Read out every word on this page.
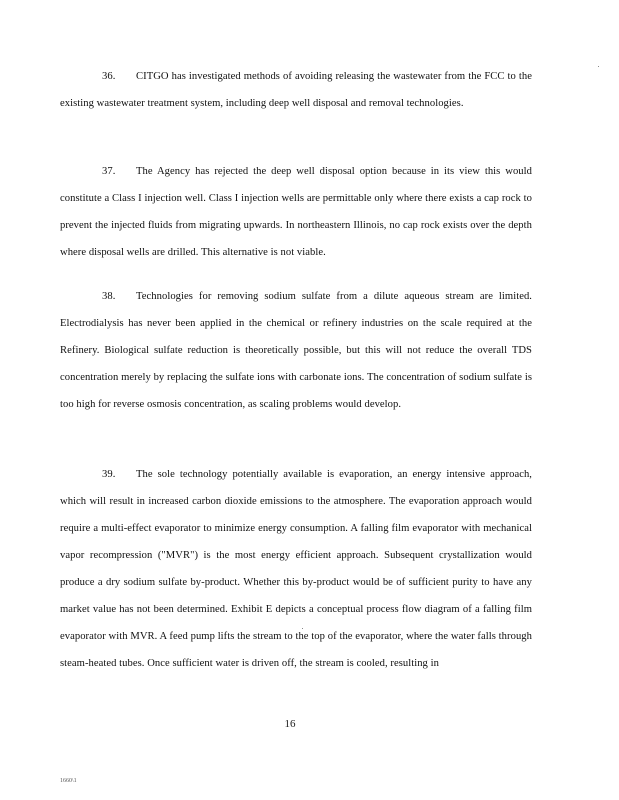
36. CITGO has investigated methods of avoiding releasing the wastewater from the FCC to the existing wastewater treatment system, including deep well disposal and removal technologies.
37. The Agency has rejected the deep well disposal option because in its view this would constitute a Class I injection well. Class I injection wells are permittable only where there exists a cap rock to prevent the injected fluids from migrating upwards. In northeastern Illinois, no cap rock exists over the depth where disposal wells are drilled. This alternative is not viable.
38. Technologies for removing sodium sulfate from a dilute aqueous stream are limited. Electrodialysis has never been applied in the chemical or refinery industries on the scale required at the Refinery. Biological sulfate reduction is theoretically possible, but this will not reduce the overall TDS concentration merely by replacing the sulfate ions with carbonate ions. The concentration of sodium sulfate is too high for reverse osmosis concentration, as scaling problems would develop.
39. The sole technology potentially available is evaporation, an energy intensive approach, which will result in increased carbon dioxide emissions to the atmosphere. The evaporation approach would require a multi-effect evaporator to minimize energy consumption. A falling film evaporator with mechanical vapor recompression ("MVR") is the most energy efficient approach. Subsequent crystallization would produce a dry sodium sulfate by-product. Whether this by-product would be of sufficient purity to have any market value has not been determined. Exhibit E depicts a conceptual process flow diagram of a falling film evaporator with MVR. A feed pump lifts the stream to the top of the evaporator, where the water falls through steam-heated tubes. Once sufficient water is driven off, the stream is cooled, resulting in
16
1660\1
